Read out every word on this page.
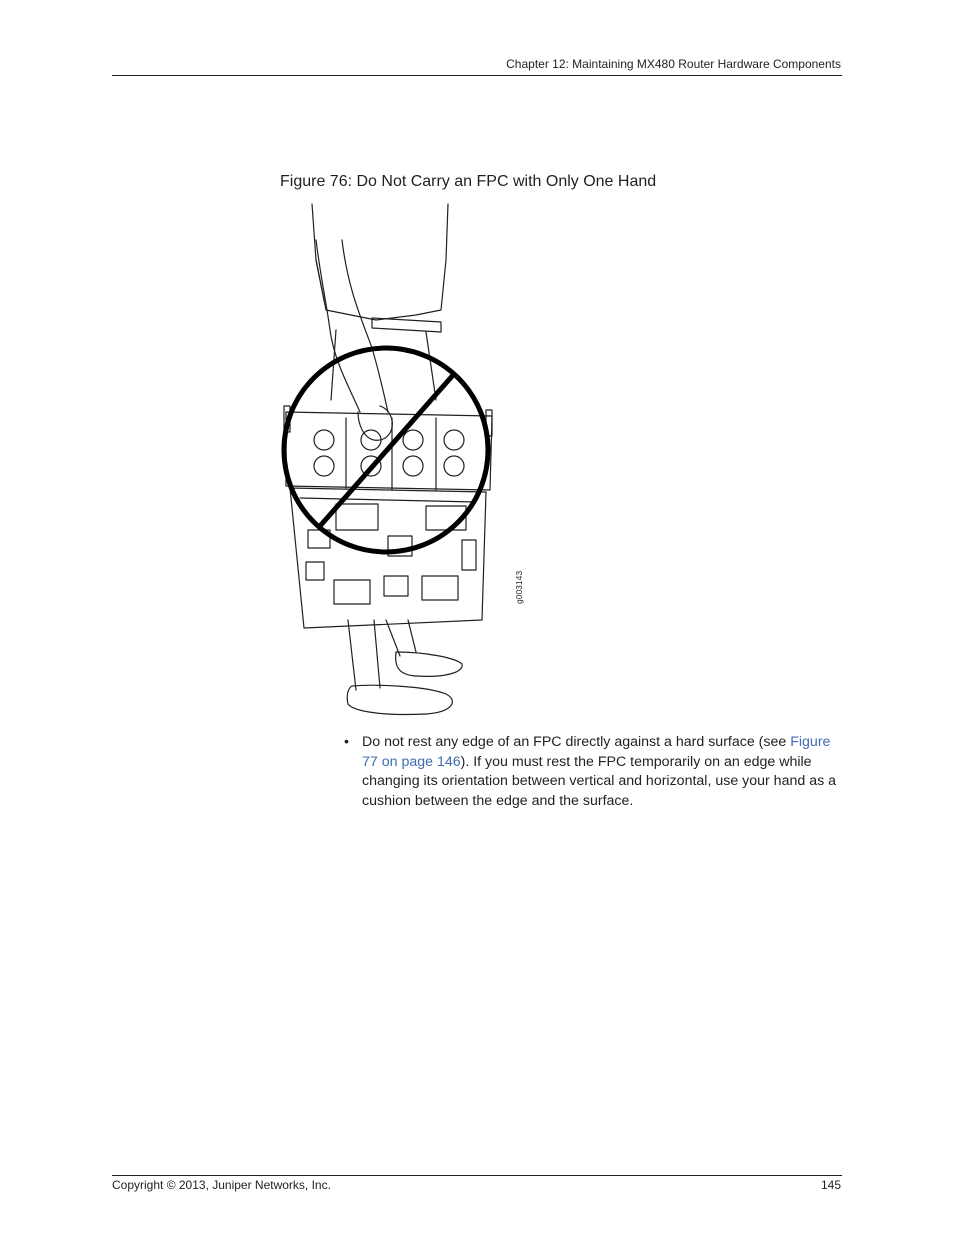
Chapter 12: Maintaining MX480 Router Hardware Components
Figure 76: Do Not Carry an FPC with Only One Hand
g003143
• Do not rest any edge of an FPC directly against a hard surface (see Figure 77 on page 146). If you must rest the FPC temporarily on an edge while changing its orientation between vertical and horizontal, use your hand as a cushion between the edge and the surface.
Copyright © 2013, Juniper Networks, Inc.	145
